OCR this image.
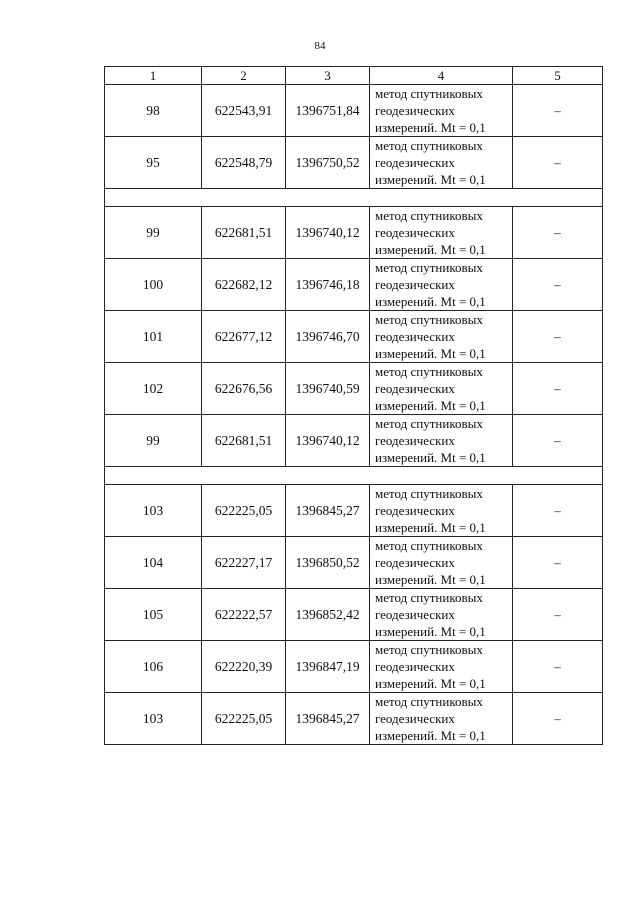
84
1	2	3	4	5
98	622543,91	1396751,84	метод спутниковых
геодезических
измерений. Mt = 0,1	–
95	622548,79	1396750,52	метод спутниковых
геодезических
измерений. Mt = 0,1	–

99	622681,51	1396740,12	метод спутниковых
геодезических
измерений. Mt = 0,1	–
100	622682,12	1396746,18	метод спутниковых
геодезических
измерений. Mt = 0,1	–
101	622677,12	1396746,70	метод спутниковых
геодезических
измерений. Mt = 0,1	–
102	622676,56	1396740,59	метод спутниковых
геодезических
измерений. Mt = 0,1	–
99	622681,51	1396740,12	метод спутниковых
геодезических
измерений. Mt = 0,1	–

103	622225,05	1396845,27	метод спутниковых
геодезических
измерений. Mt = 0,1	–
104	622227,17	1396850,52	метод спутниковых
геодезических
измерений. Mt = 0,1	–
105	622222,57	1396852,42	метод спутниковых
геодезических
измерений. Mt = 0,1	–
106	622220,39	1396847,19	метод спутниковых
геодезических
измерений. Mt = 0,1	–
103	622225,05	1396845,27	метод спутниковых
геодезических
измерений. Mt = 0,1	–
